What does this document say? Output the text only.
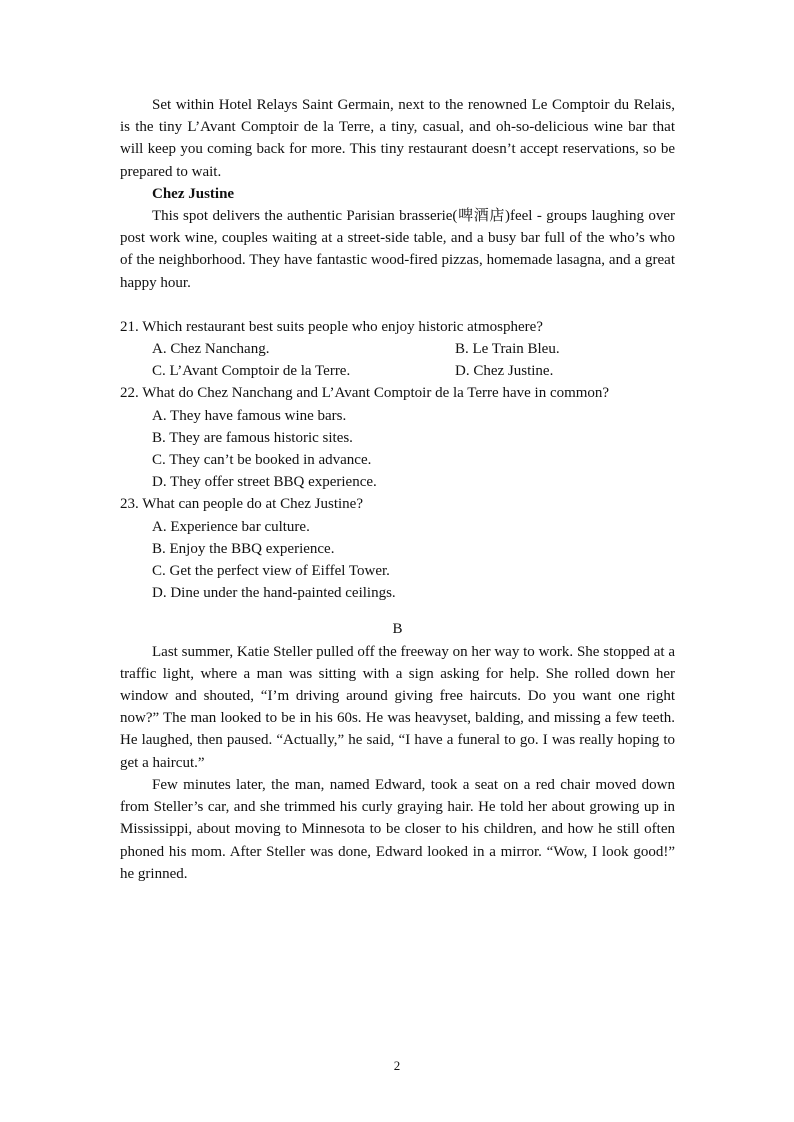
Set within Hotel Relays Saint Germain, next to the renowned Le Comptoir du Relais, is the tiny L’Avant Comptoir de la Terre, a tiny, casual, and oh-so-delicious wine bar that will keep you coming back for more. This tiny restaurant doesn’t accept reservations, so be prepared to wait.

Chez Justine

This spot delivers the authentic Parisian brasserie(啤酒店)feel - groups laughing over post work wine, couples waiting at a street-side table, and a busy bar full of the who’s who of the neighborhood. They have fantastic wood-fired pizzas, homemade lasagna, and a great happy hour.

21. Which restaurant best suits people who enjoy historic atmosphere?

A. Chez Nanchang.	B. Le Train Bleu.
C. L’Avant Comptoir de la Terre.	D. Chez Justine.

22. What do Chez Nanchang and L’Avant Comptoir de la Terre have in common?

A. They have famous wine bars.

B. They are famous historic sites.

C. They can’t be booked in advance.

D. They offer street BBQ experience.

23. What can people do at Chez Justine?

A. Experience bar culture.

B. Enjoy the BBQ experience.

C. Get the perfect view of Eiffel Tower.

D. Dine under the hand-painted ceilings.

B

Last summer, Katie Steller pulled off the freeway on her way to work. She stopped at a traffic light, where a man was sitting with a sign asking for help. She rolled down her window and shouted, “I’m driving around giving free haircuts. Do you want one right now?” The man looked to be in his 60s. He was heavyset, balding, and missing a few teeth. He laughed, then paused. “Actually,” he said, “I have a funeral to go. I was really hoping to get a haircut.”

Few minutes later, the man, named Edward, took a seat on a red chair moved down from Steller’s car, and she trimmed his curly graying hair. He told her about growing up in Mississippi, about moving to Minnesota to be closer to his children, and how he still often phoned his mom. After Steller was done, Edward looked in a mirror. “Wow, I look good!” he grinned.

2
